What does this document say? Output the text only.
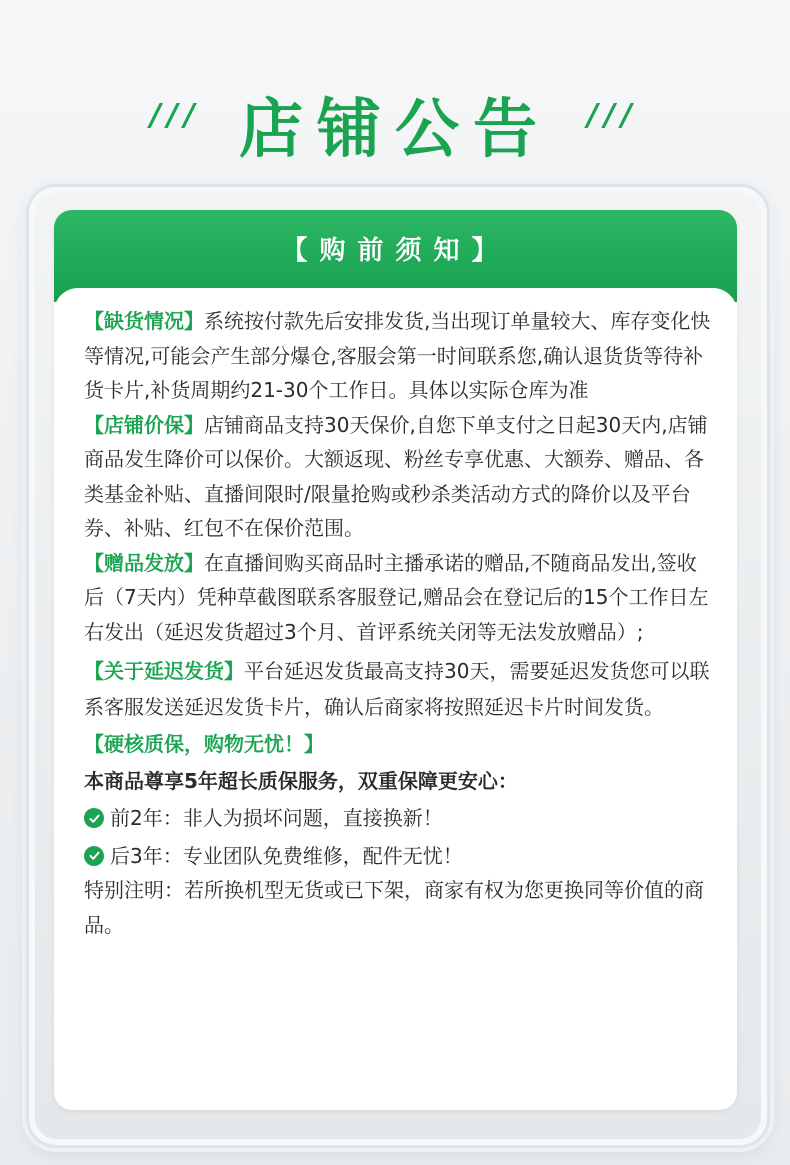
/// 店铺公告	///
【购前须知】

【缺货情况】系统按付款先后安排发货,当出现订单量较大、库存变化快等情况,可能会产生部分爆仓,客服会第一时间联系您,确认退货货等待补货卡片,补货周期约21-30个工作日。具体以实际仓库为准

【店铺价保】店铺商品支持30天保价,自您下单支付之日起30天内,店铺商品发生降价可以保价。大额返现、粉丝专享优惠、大额券、赠品、各类基金补贴、直播间限时/限量抢购或秒杀类活动方式的降价以及平台券、补贴、红包不在保价范围。

【赠品发放】在直播间购买商品时主播承诺的赠品,不随商品发出,签收后（7天内）凭种草截图联系客服登记,赠品会在登记后的15个工作日左右发出（延迟发货超过3个月、首评系统关闭等无法发放赠品）;

【关于延迟发货】平台延迟发货最高支持30天，需要延迟发货您可以联系客服发送延迟发货卡片，确认后商家将按照延迟卡片时间发货。

【硬核质保，购物无忧！】
本商品尊享5年超长质保服务，双重保障更安心：
前2年：非人为损坏问题，直接换新！
后3年：专业团队免费维修，配件无忧！

特别注明：若所换机型无货或已下架，商家有权为您更换同等价值的商品。
